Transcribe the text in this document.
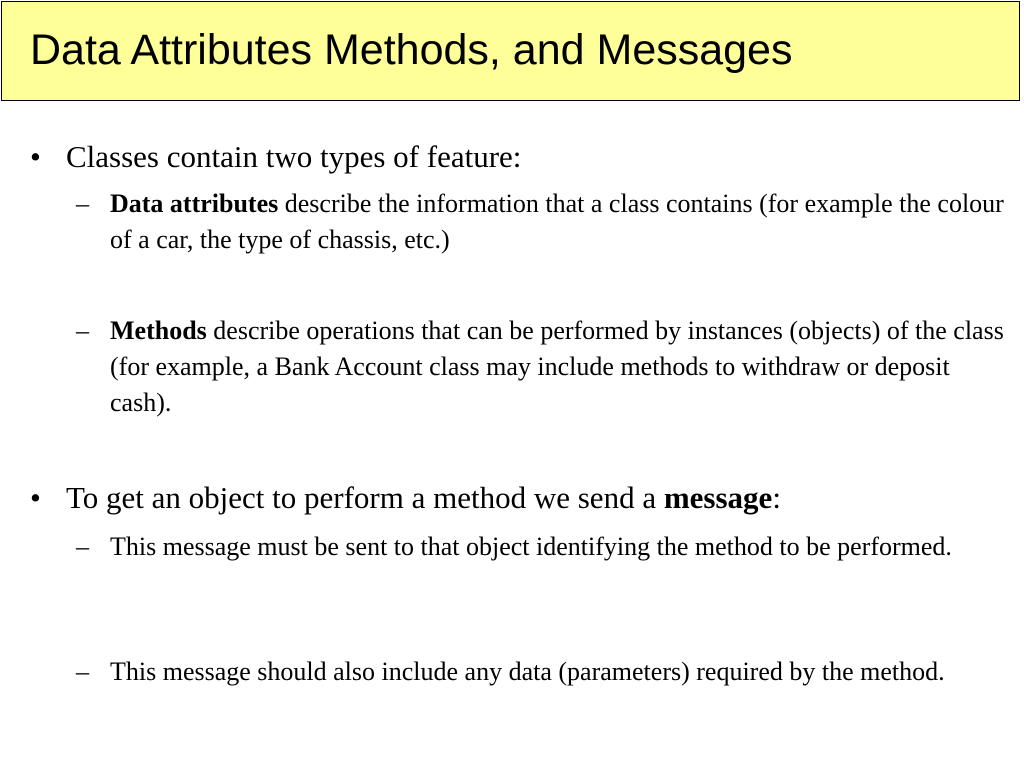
Data Attributes Methods, and Messages
• Classes contain two types of feature:
– Data attributes describe the information that a class contains (for example the colour of a car, the type of chassis, etc.)
– Methods describe operations that can be performed by instances (objects) of the class (for example, a Bank Account class may include methods to withdraw or deposit cash).
• To get an object to perform a method we send a message:
– This message must be sent to that object identifying the method to be performed.
– This message should also include any data (parameters) required by the method.
